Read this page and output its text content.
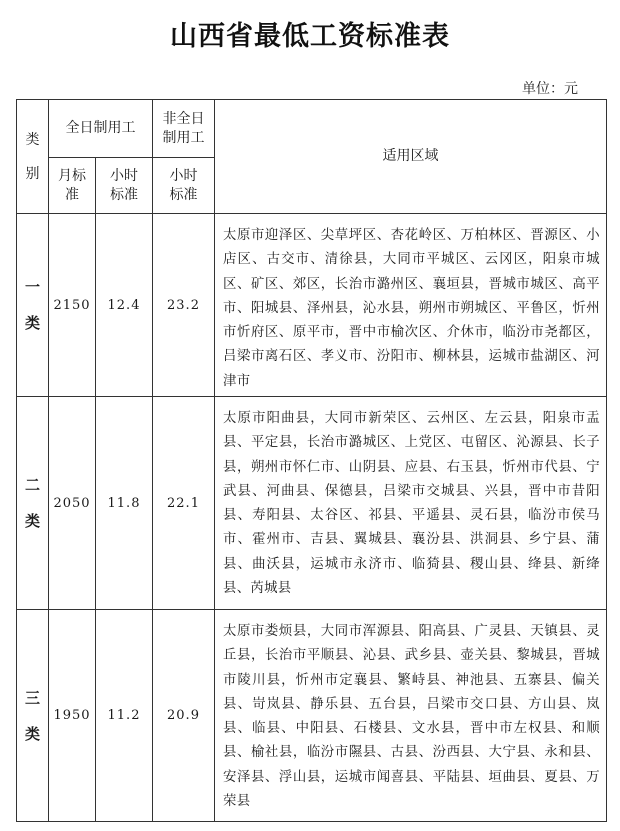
山西省最低工资标准表
单位：元
类
别	全日制用工		非全日制用工	适用区域
	月标准	小时标准	小时标准	
一
类	2150	12.4	23.2	太原市迎泽区、尖草坪区、杏花岭区、万柏林区、晋源区、小店区、古交市、清徐县，大同市平城区、云冈区，阳泉市城区、矿区、郊区，长治市潞州区、襄垣县，晋城市城区、高平市、阳城县、泽州县，沁水县，朔州市朔城区、平鲁区，忻州市忻府区、原平市，晋中市榆次区、介休市，临汾市尧都区，吕梁市离石区、孝义市、汾阳市、柳林县，运城市盐湖区、河津市
二
类	2050	11.8	22.1	太原市阳曲县，大同市新荣区、云州区、左云县，阳泉市盂县、平定县，长治市潞城区、上党区、屯留区、沁源县、长子县，朔州市怀仁市、山阴县、应县、右玉县，忻州市代县、宁武县、河曲县、保德县，吕梁市交城县、兴县，晋中市昔阳县、寿阳县、太谷区、祁县、平遥县、灵石县，临汾市侯马市、霍州市、吉县、翼城县、襄汾县、洪洞县、乡宁县、蒲县、曲沃县，运城市永济市、临猗县、稷山县、绛县、新绛县、芮城县
三
类	1950	11.2	20.9	太原市娄烦县，大同市浑源县、阳高县、广灵县、天镇县、灵丘县，长治市平顺县、沁县、武乡县、壶关县、黎城县，晋城市陵川县，忻州市定襄县、繁峙县、神池县、五寨县、偏关县、岢岚县、静乐县、五台县，吕梁市交口县、方山县、岚县、临县、中阳县、石楼县、文水县，晋中市左权县、和顺县、榆社县，临汾市隰县、古县、汾西县、大宁县、永和县、安泽县、浮山县，运城市闻喜县、平陆县、垣曲县、夏县、万荣县
